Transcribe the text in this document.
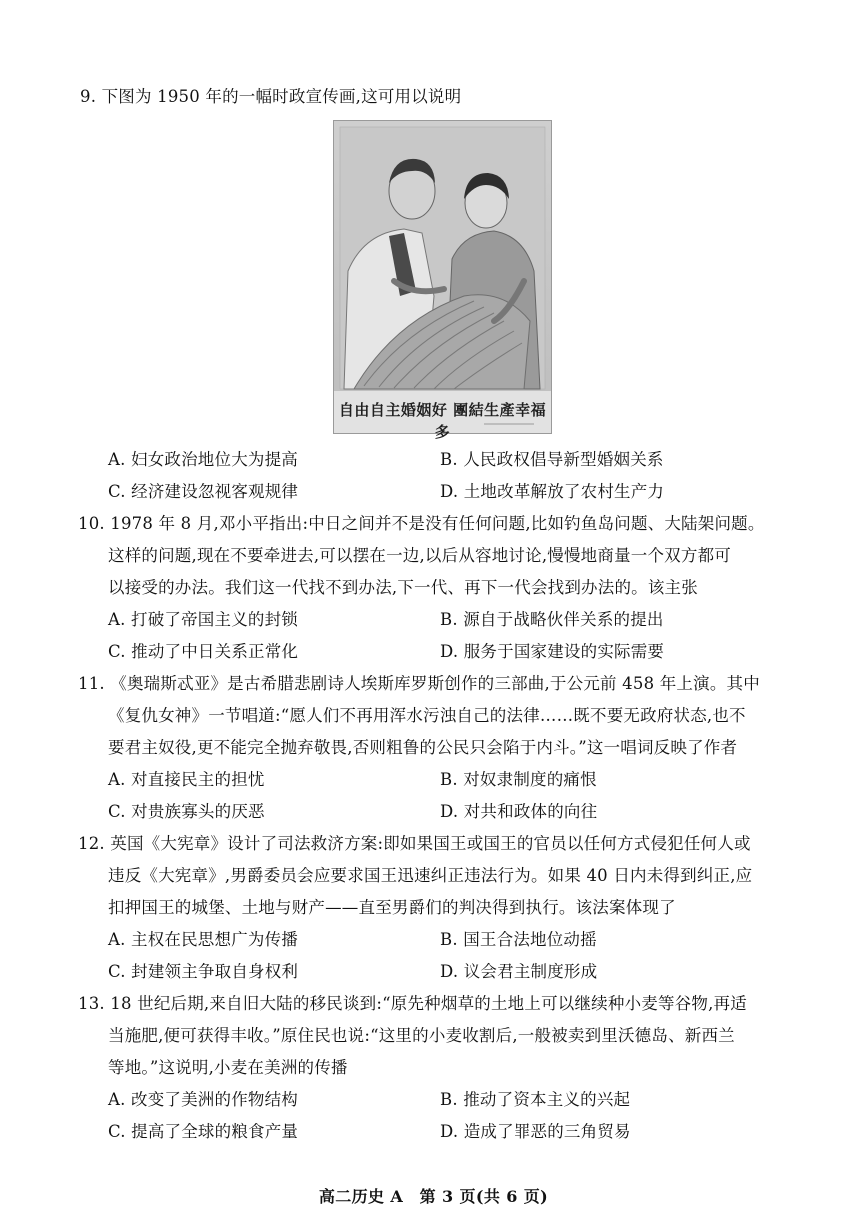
9. 下图为 1950 年的一幅时政宣传画,这可用以说明
自由自主婚姻好 團結生產幸福多
A. 妇女政治地位大为提高	B. 人民政权倡导新型婚姻关系
C. 经济建设忽视客观规律	D. 土地改革解放了农村生产力
10. 1978 年 8 月,邓小平指出:中日之间并不是没有任何问题,比如钓鱼岛问题、大陆架问题。
这样的问题,现在不要牵进去,可以摆在一边,以后从容地讨论,慢慢地商量一个双方都可
以接受的办法。我们这一代找不到办法,下一代、再下一代会找到办法的。该主张
A. 打破了帝国主义的封锁	B. 源自于战略伙伴关系的提出
C. 推动了中日关系正常化	D. 服务于国家建设的实际需要
11. 《奥瑞斯忒亚》是古希腊悲剧诗人埃斯库罗斯创作的三部曲,于公元前 458 年上演。其中
《复仇女神》一节唱道:“愿人们不再用浑水污浊自己的法律……既不要无政府状态,也不
要君主奴役,更不能完全抛弃敬畏,否则粗鲁的公民只会陷于内斗。”这一唱词反映了作者
A. 对直接民主的担忧	B. 对奴隶制度的痛恨
C. 对贵族寡头的厌恶	D. 对共和政体的向往
12. 英国《大宪章》设计了司法救济方案:即如果国王或国王的官员以任何方式侵犯任何人或
违反《大宪章》,男爵委员会应要求国王迅速纠正违法行为。如果 40 日内未得到纠正,应
扣押国王的城堡、土地与财产——直至男爵们的判决得到执行。该法案体现了
A. 主权在民思想广为传播	B. 国王合法地位动摇
C. 封建领主争取自身权利	D. 议会君主制度形成
13. 18 世纪后期,来自旧大陆的移民谈到:“原先种烟草的土地上可以继续种小麦等谷物,再适
当施肥,便可获得丰收。”原住民也说:“这里的小麦收割后,一般被卖到里沃德岛、新西兰
等地。”这说明,小麦在美洲的传播
A. 改变了美洲的作物结构	B. 推动了资本主义的兴起
C. 提高了全球的粮食产量	D. 造成了罪恶的三角贸易
高二历史 A　第 3 页(共 6 页)
